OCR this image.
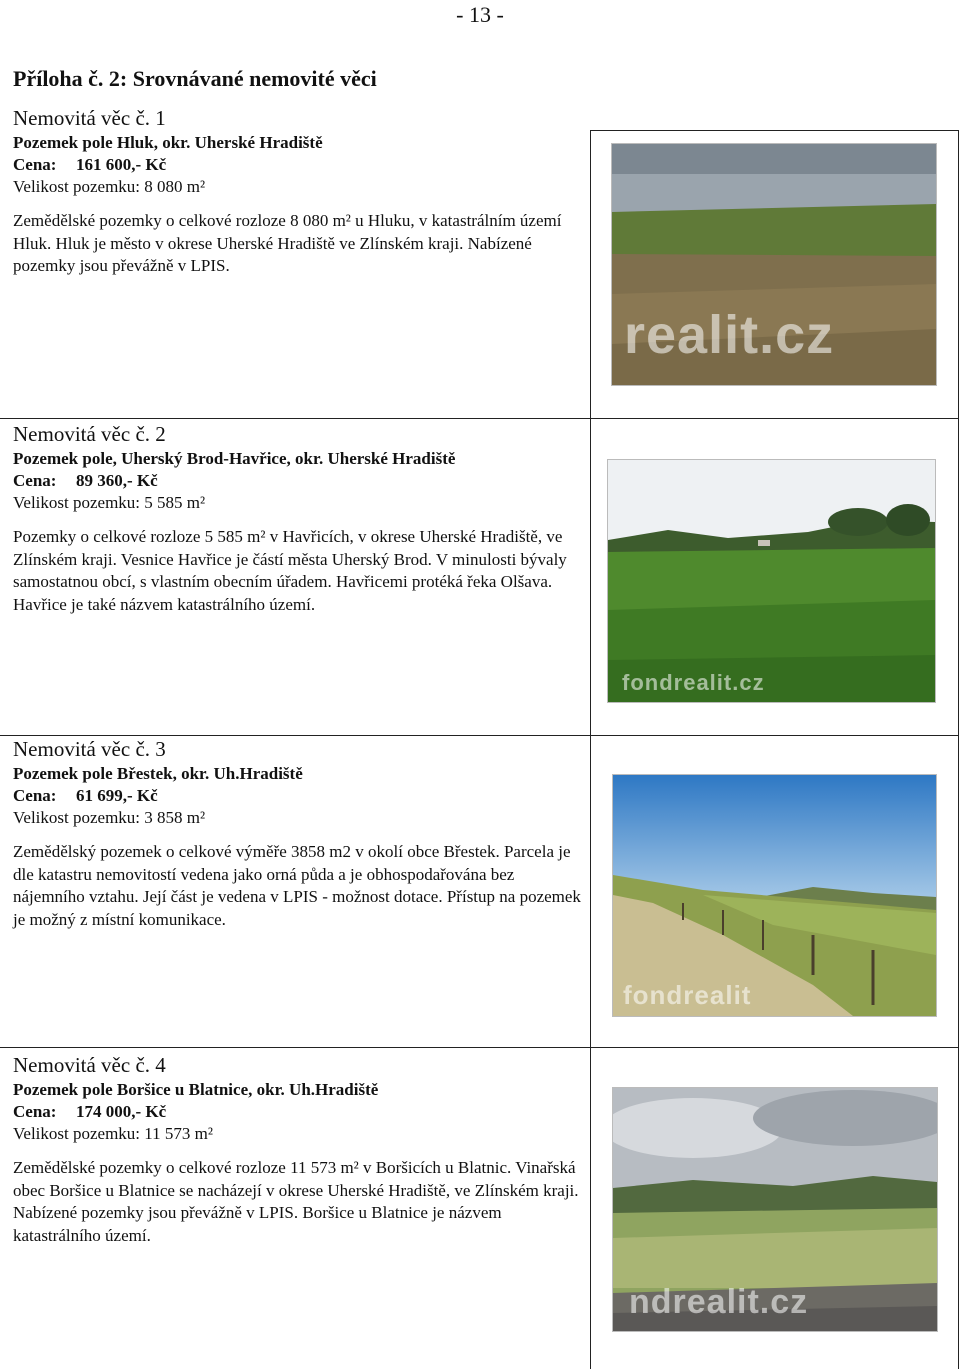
- 13 -
Příloha č. 2: Srovnávané nemovité věci
Nemovitá věc č. 1
Pozemek pole Hluk, okr. Uherské Hradiště
Cena: 161 600,- Kč
Velikost pozemku: 8 080 m²
Zemědělské pozemky o celkové rozloze 8 080 m² u Hluku, v katastrálním území Hluk. Hluk je město v okrese Uherské Hradiště ve Zlínském kraji. Nabízené pozemky jsou převážně v LPIS.
realit.cz
Nemovitá věc č. 2
Pozemek pole, Uherský Brod-Havřice, okr. Uherské Hradiště
Cena: 89 360,- Kč
Velikost pozemku: 5 585 m²
Pozemky o celkové rozloze 5 585 m² v Havřicích, v okrese Uherské Hradiště, ve Zlínském kraji. Vesnice Havřice je částí města Uherský Brod. V minulosti bývaly samostatnou obcí, s vlastním obecním úřadem. Havřicemi protéká řeka Olšava. Havřice je také názvem katastrálního území.
fondrealit.cz
Nemovitá věc č. 3
Pozemek pole Břestek, okr. Uh.Hradiště
Cena: 61 699,- Kč
Velikost pozemku: 3 858 m²
Zemědělský pozemek o celkové výměře 3858 m2 v okolí obce Břestek. Parcela je dle katastru nemovitostí vedena jako orná půda a je obhospodařována bez nájemního vztahu. Její část je vedena v LPIS - možnost dotace. Přístup na pozemek je možný z místní komunikace.
fondrealit
Nemovitá věc č. 4
Pozemek pole Boršice u Blatnice, okr. Uh.Hradiště
Cena: 174 000,- Kč
Velikost pozemku: 11 573 m²
Zemědělské pozemky o celkové rozloze 11 573 m² v Boršicích u Blatnic. Vinařská obec Boršice u Blatnice se nacházejí v okrese Uherské Hradiště, ve Zlínském kraji. Nabízené pozemky jsou převážně v LPIS. Boršice u Blatnice je názvem katastrálního území.
ndrealit.cz
